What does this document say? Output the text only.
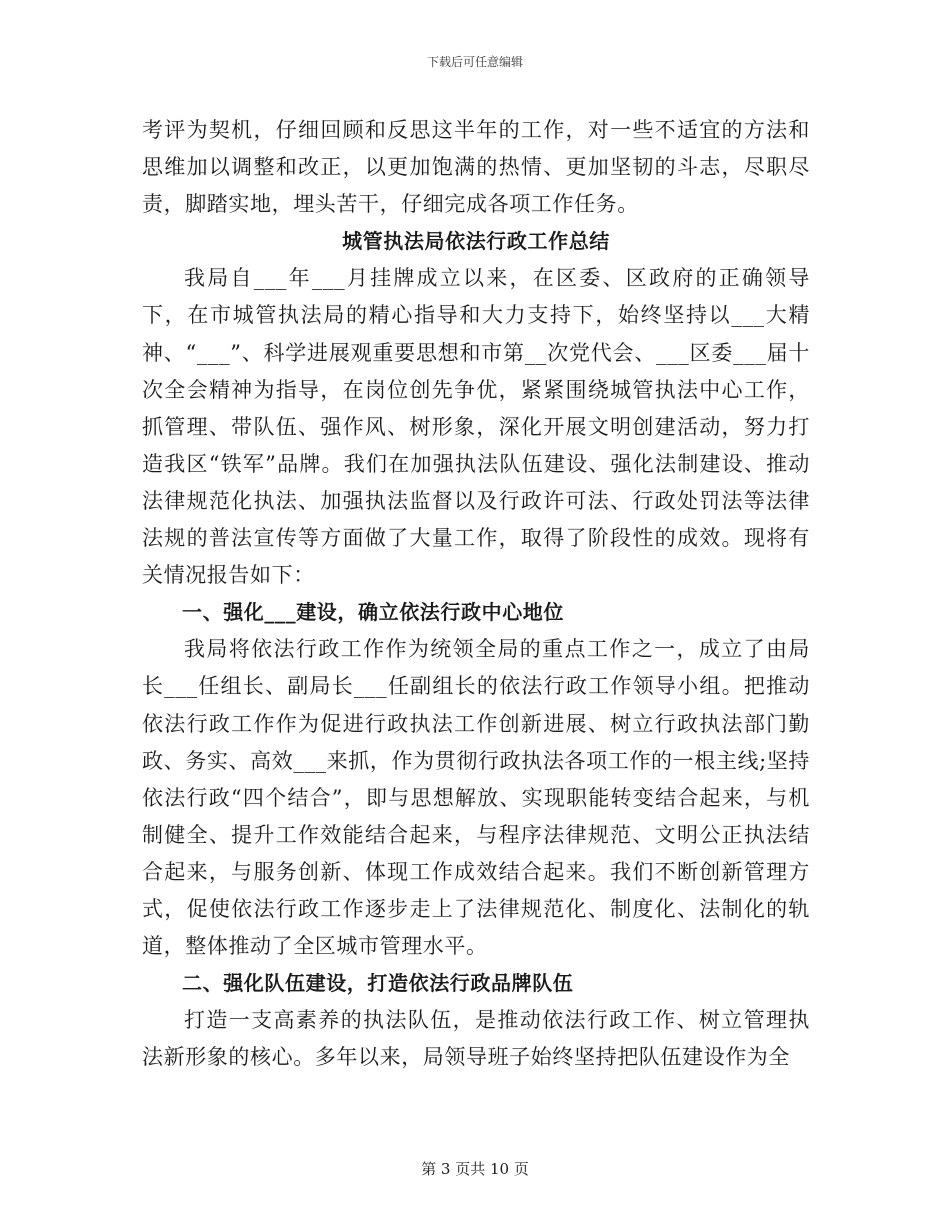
下载后可任意编辑

考评为契机，仔细回顾和反思这半年的工作，对一些不适宜的方法和思维加以调整和改正，以更加饱满的热情、更加坚韧的斗志，尽职尽责，脚踏实地，埋头苦干，仔细完成各项工作任务。

城管执法局依法行政工作总结

我局自___年___月挂牌成立以来，在区委、区政府的正确领导下，在市城管执法局的精心指导和大力支持下，始终坚持以___大精神、“___”、科学进展观重要思想和市第__次党代会、___区委___届十次全会精神为指导，在岗位创先争优，紧紧围绕城管执法中心工作，抓管理、带队伍、强作风、树形象，深化开展文明创建活动，努力打造我区“铁军”品牌。我们在加强执法队伍建设、强化法制建设、推动法律规范化执法、加强执法监督以及行政许可法、行政处罚法等法律法规的普法宣传等方面做了大量工作，取得了阶段性的成效。现将有关情况报告如下：

一、强化___建设，确立依法行政中心地位

我局将依法行政工作作为统领全局的重点工作之一，成立了由局长___任组长、副局长___任副组长的依法行政工作领导小组。把推动依法行政工作作为促进行政执法工作创新进展、树立行政执法部门勤政、务实、高效___来抓，作为贯彻行政执法各项工作的一根主线;坚持依法行政“四个结合”，即与思想解放、实现职能转变结合起来，与机制健全、提升工作效能结合起来，与程序法律规范、文明公正执法结合起来，与服务创新、体现工作成效结合起来。我们不断创新管理方式，促使依法行政工作逐步走上了法律规范化、制度化、法制化的轨道，整体推动了全区城市管理水平。

二、强化队伍建设，打造依法行政品牌队伍

打造一支高素养的执法队伍，是推动依法行政工作、树立管理执法新形象的核心。多年以来，局领导班子始终坚持把队伍建设作为全

第 3 页共 10 页
